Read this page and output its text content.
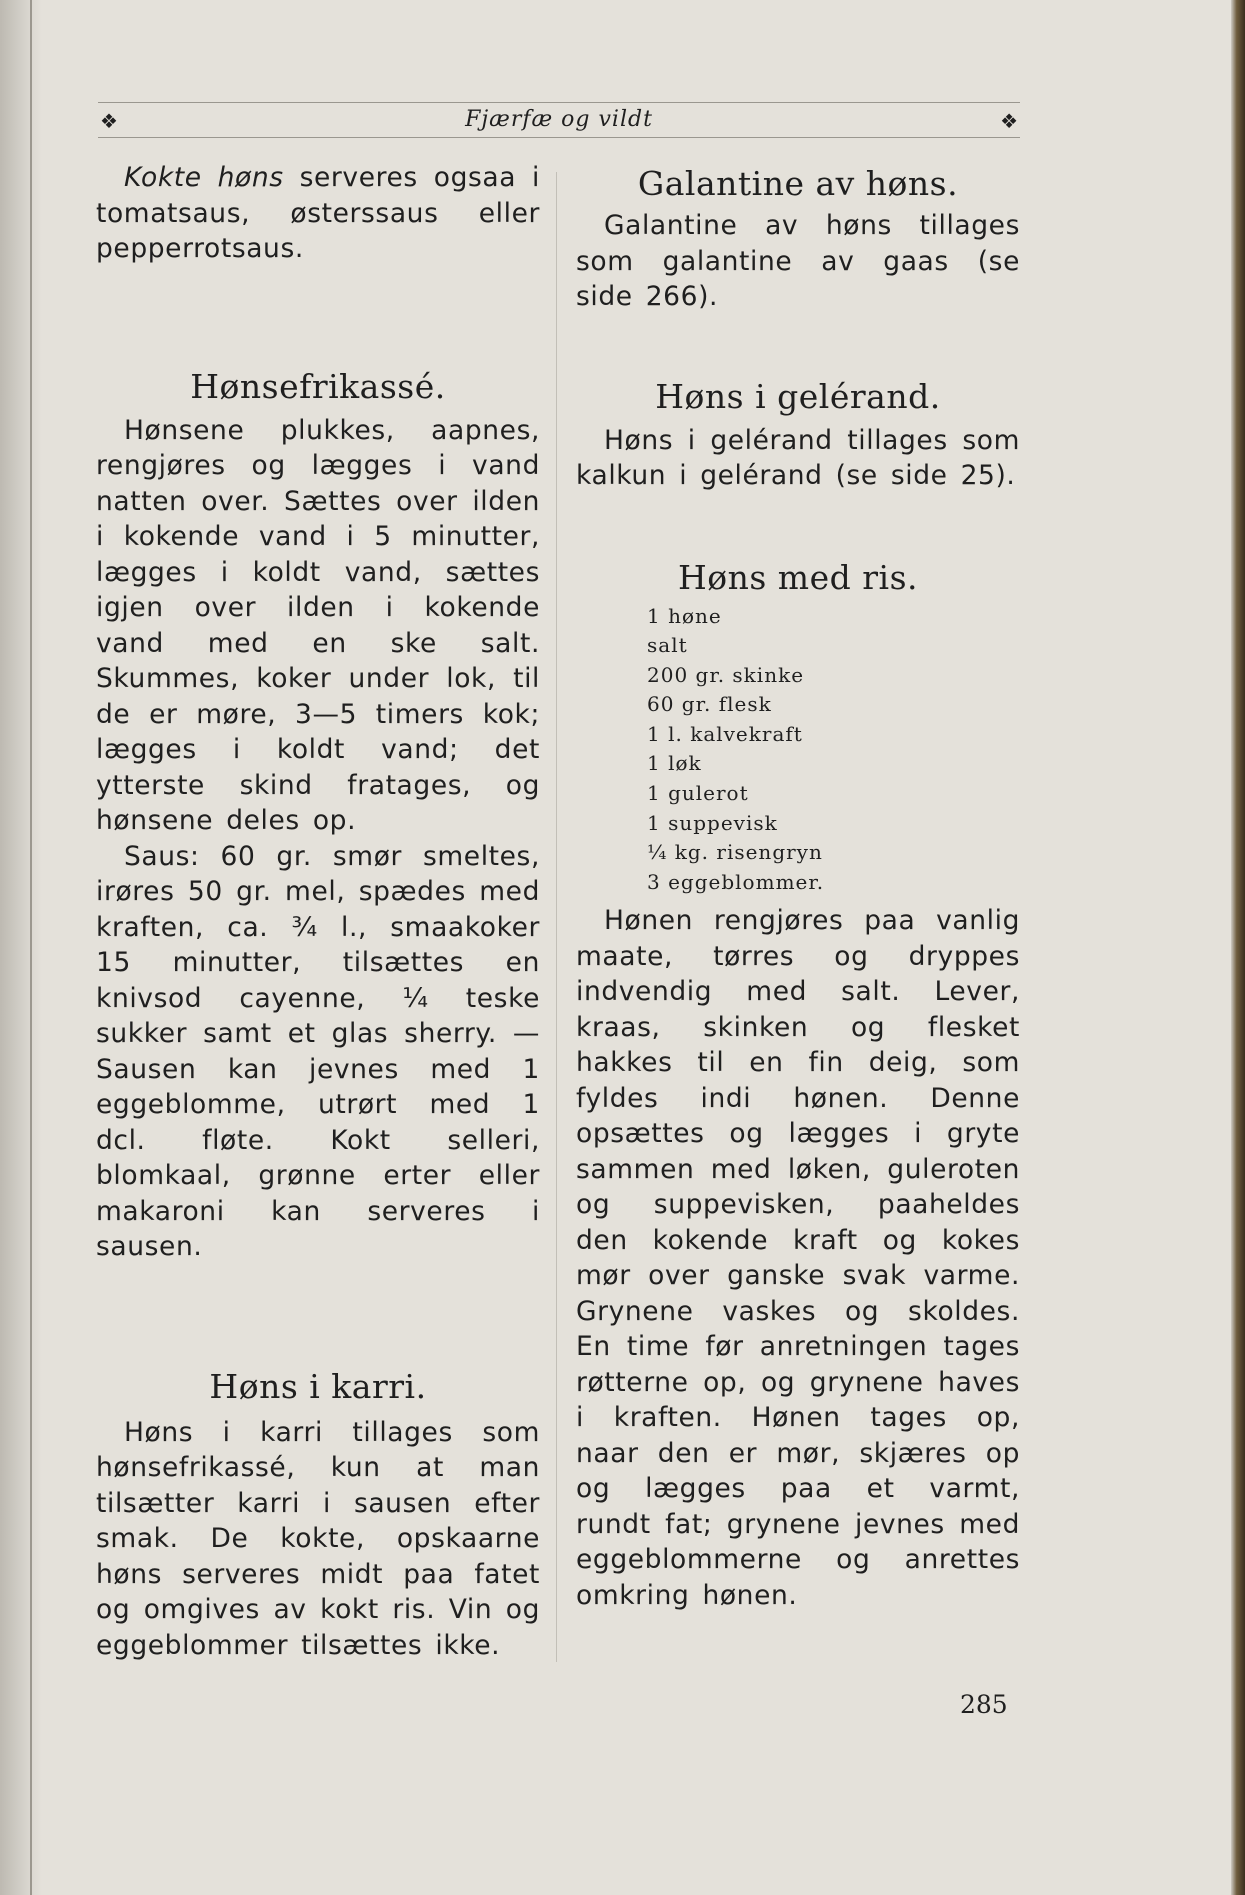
❖	Fjærfæ og vildt	❖

Kokte høns serveres ogsaa i tomatsaus, østerssaus eller pepperrotsaus.

Hønsefrikassé.

Hønsene plukkes, aapnes, rengjøres og lægges i vand natten over. Sættes over ilden i kokende vand i 5 minutter, lægges i koldt vand, sættes igjen over ilden i kokende vand med en ske salt. Skummes, koker under lok, til de er møre, 3—5 timers kok; lægges i koldt vand; det ytterste skind fratages, og hønsene deles op.

Saus: 60 gr. smør smeltes, irøres 50 gr. mel, spædes med kraften, ca. ¾ l., smaakoker 15 minutter, tilsættes en knivsod cayenne, ¼ teske sukker samt et glas sherry. — Sausen kan jevnes med 1 eggeblomme, utrørt med 1 dcl. fløte. Kokt selleri, blomkaal, grønne erter eller makaroni kan serveres i sausen.

Høns i karri.

Høns i karri tillages som hønsefrikassé, kun at man tilsætter karri i sausen efter smak. De kokte, opskaarne høns serveres midt paa fatet og omgives av kokt ris. Vin og eggeblommer tilsættes ikke.

Galantine av høns.

Galantine av høns tillages som galantine av gaas (se side 266).

Høns i gelérand.

Høns i gelérand tillages som kalkun i gelérand (se side 25).

Høns med ris.
1 høne
salt
200 gr. skinke
60 gr. flesk
1 l. kalvekraft
1 løk
1 gulerot
1 suppevisk
¼ kg. risengryn
3 eggeblommer.

Hønen rengjøres paa vanlig maate, tørres og dryppes indvendig med salt. Lever, kraas, skinken og flesket hakkes til en fin deig, som fyldes indi hønen. Denne opsættes og lægges i gryte sammen med løken, guleroten og suppevisken, paaheldes den kokende kraft og kokes mør over ganske svak varme. Grynene vaskes og skoldes. En time før anretningen tages røtterne op, og grynene haves i kraften. Hønen tages op, naar den er mør, skjæres op og lægges paa et varmt, rundt fat; grynene jevnes med eggeblommerne og anrettes omkring hønen.

285
